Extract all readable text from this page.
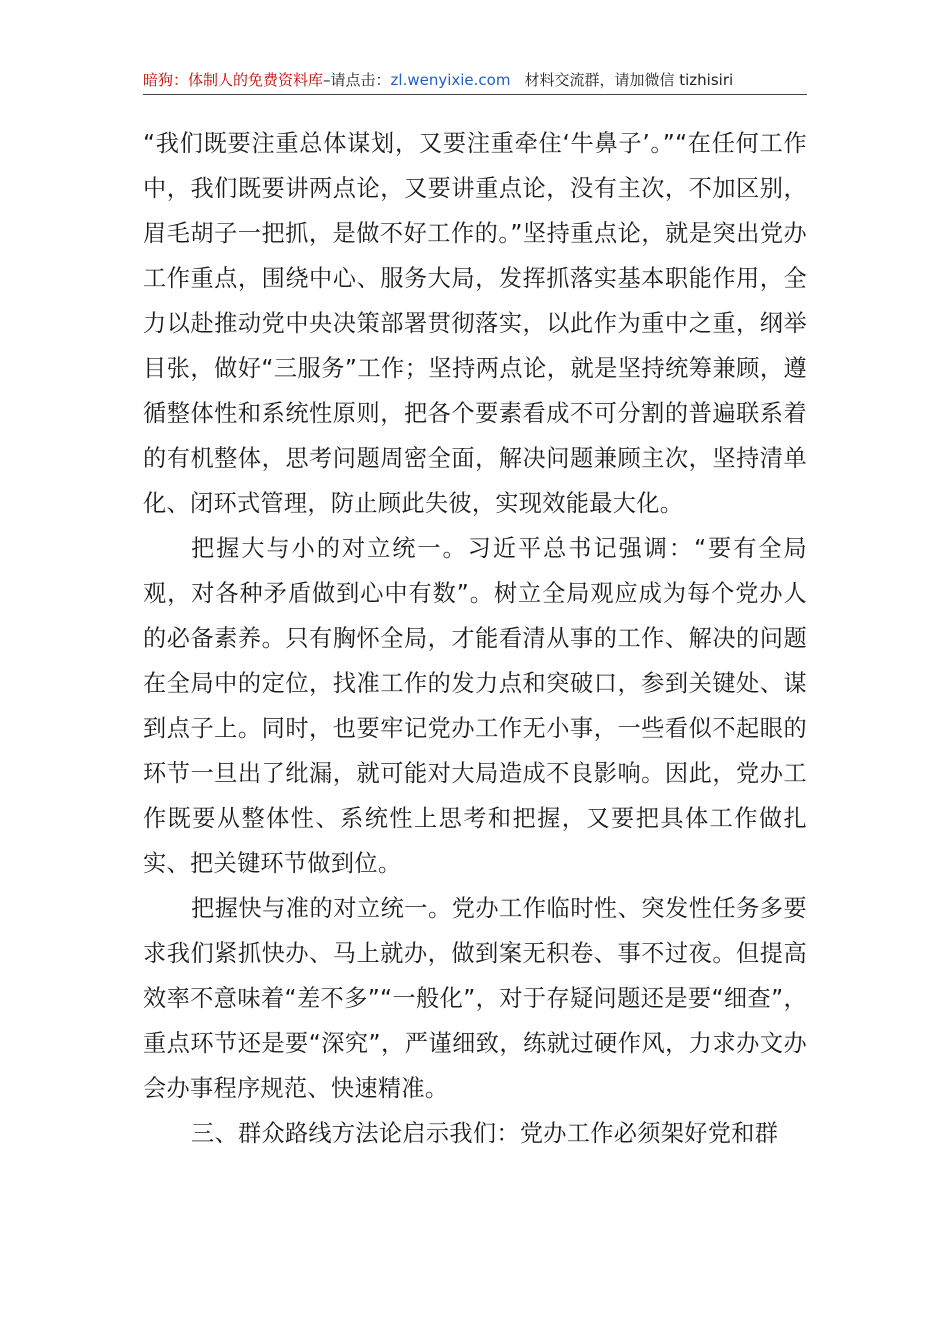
暗狗：体制人的免费资料库–请点击：zl.wenyixie.com 材料交流群，请加微信 tizhisiri

“我们既要注重总体谋划，又要注重牵住‘牛鼻子’。”“在任何工作中，我们既要讲两点论，又要讲重点论，没有主次，不加区别，眉毛胡子一把抓，是做不好工作的。”坚持重点论，就是突出党办工作重点，围绕中心、服务大局，发挥抓落实基本职能作用，全力以赴推动党中央决策部署贯彻落实，以此作为重中之重，纲举目张，做好“三服务”工作；坚持两点论，就是坚持统筹兼顾，遵循整体性和系统性原则，把各个要素看成不可分割的普遍联系着的有机整体，思考问题周密全面，解决问题兼顾主次，坚持清单化、闭环式管理，防止顾此失彼，实现效能最大化。

把握大与小的对立统一。习近平总书记强调：“要有全局观，对各种矛盾做到心中有数”。树立全局观应成为每个党办人的必备素养。只有胸怀全局，才能看清从事的工作、解决的问题在全局中的定位，找准工作的发力点和突破口，参到关键处、谋到点子上。同时，也要牢记党办工作无小事，一些看似不起眼的环节一旦出了纰漏，就可能对大局造成不良影响。因此，党办工作既要从整体性、系统性上思考和把握，又要把具体工作做扎实、把关键环节做到位。

把握快与准的对立统一。党办工作临时性、突发性任务多要求我们紧抓快办、马上就办，做到案无积卷、事不过夜。但提高效率不意味着“差不多”“一般化”，对于存疑问题还是要“细查”，重点环节还是要“深究”，严谨细致，练就过硬作风，力求办文办会办事程序规范、快速精准。

三、群众路线方法论启示我们：党办工作必须架好党和群
